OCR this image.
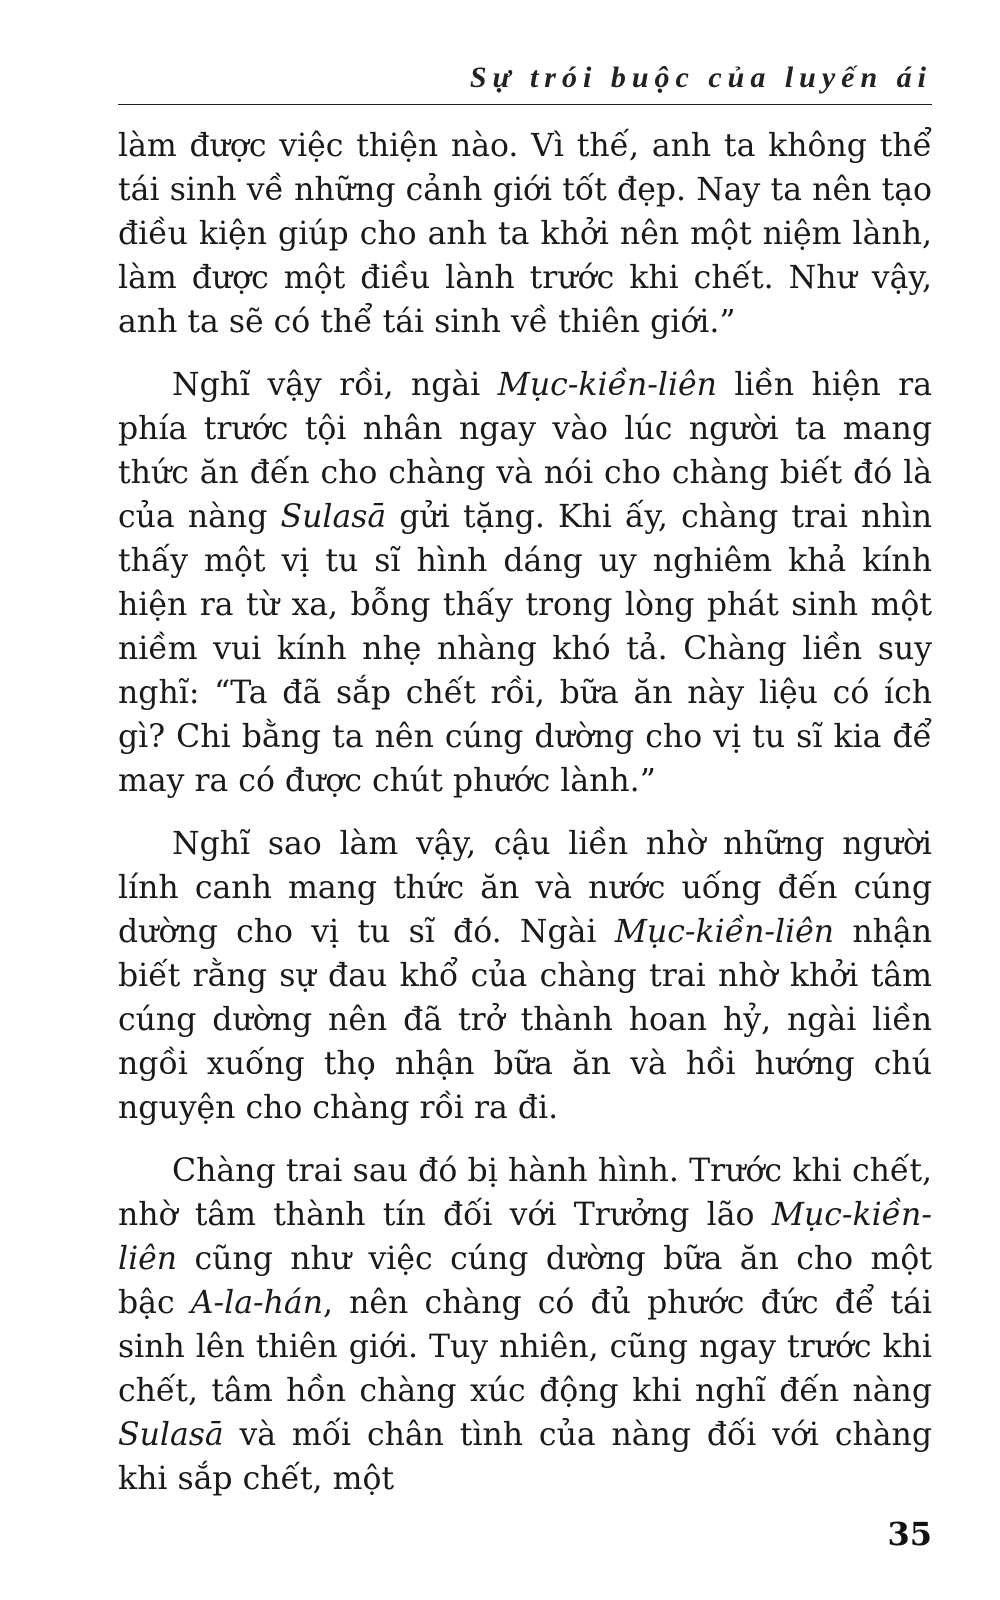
Sự trói buộc của luyến ái

làm được việc thiện nào. Vì thế, anh ta không thể tái sinh về những cảnh giới tốt đẹp. Nay ta nên tạo điều kiện giúp cho anh ta khởi nên một niệm lành, làm được một điều lành trước khi chết. Như vậy, anh ta sẽ có thể tái sinh về thiên giới.”

Nghĩ vậy rồi, ngài Mục-kiền-liên liền hiện ra phía trước tội nhân ngay vào lúc người ta mang thức ăn đến cho chàng và nói cho chàng biết đó là của nàng Sulasā gửi tặng. Khi ấy, chàng trai nhìn thấy một vị tu sĩ hình dáng uy nghiêm khả kính hiện ra từ xa, bỗng thấy trong lòng phát sinh một niềm vui kính nhẹ nhàng khó tả. Chàng liền suy nghĩ: “Ta đã sắp chết rồi, bữa ăn này liệu có ích gì? Chi bằng ta nên cúng dường cho vị tu sĩ kia để may ra có được chút phước lành.”

Nghĩ sao làm vậy, cậu liền nhờ những người lính canh mang thức ăn và nước uống đến cúng dường cho vị tu sĩ đó. Ngài Mục-kiền-liên nhận biết rằng sự đau khổ của chàng trai nhờ khởi tâm cúng dường nên đã trở thành hoan hỷ, ngài liền ngồi xuống thọ nhận bữa ăn và hồi hướng chú nguyện cho chàng rồi ra đi.

Chàng trai sau đó bị hành hình. Trước khi chết, nhờ tâm thành tín đối với Trưởng lão Mục-kiền-liên cũng như việc cúng dường bữa ăn cho một bậc A-la-hán, nên chàng có đủ phước đức để tái sinh lên thiên giới. Tuy nhiên, cũng ngay trước khi chết, tâm hồn chàng xúc động khi nghĩ đến nàng Sulasā và mối chân tình của nàng đối với chàng khi sắp chết, một

35
